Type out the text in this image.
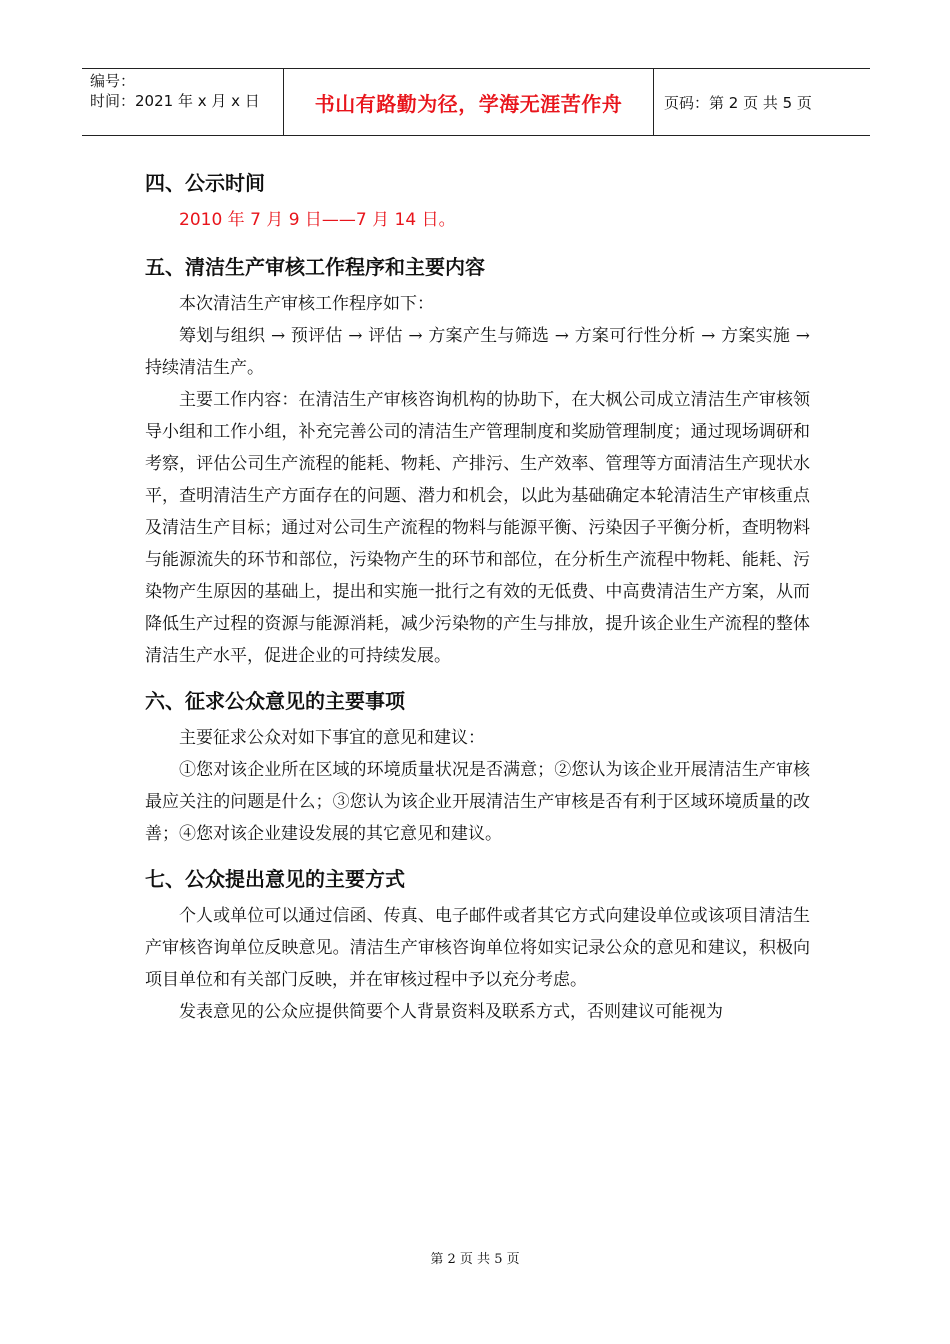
编号：
时间：2021 年 x 月 x 日	书山有路勤为径，学海无涯苦作舟	页码：第 2 页 共 5 页
四、公示时间

2010 年 7 月 9 日——7 月 14 日。

五、清洁生产审核工作程序和主要内容

本次清洁生产审核工作程序如下：

筹划与组织 → 预评估 → 评估 → 方案产生与筛选 → 方案可行性分析 → 方案实施 → 持续清洁生产。

主要工作内容：在清洁生产审核咨询机构的协助下，在大枫公司成立清洁生产审核领导小组和工作小组，补充完善公司的清洁生产管理制度和奖励管理制度；通过现场调研和考察，评估公司生产流程的能耗、物耗、产排污、生产效率、管理等方面清洁生产现状水平，查明清洁生产方面存在的问题、潜力和机会，以此为基础确定本轮清洁生产审核重点及清洁生产目标；通过对公司生产流程的物料与能源平衡、污染因子平衡分析，查明物料与能源流失的环节和部位，污染物产生的环节和部位，在分析生产流程中物耗、能耗、污染物产生原因的基础上，提出和实施一批行之有效的无低费、中高费清洁生产方案，从而降低生产过程的资源与能源消耗，减少污染物的产生与排放，提升该企业生产流程的整体清洁生产水平，促进企业的可持续发展。

六、征求公众意见的主要事项

主要征求公众对如下事宜的意见和建议：

①您对该企业所在区域的环境质量状况是否满意；②您认为该企业开展清洁生产审核最应关注的问题是什么；③您认为该企业开展清洁生产审核是否有利于区域环境质量的改善；④您对该企业建设发展的其它意见和建议。

七、公众提出意见的主要方式

个人或单位可以通过信函、传真、电子邮件或者其它方式向建设单位或该项目清洁生产审核咨询单位反映意见。清洁生产审核咨询单位将如实记录公众的意见和建议，积极向项目单位和有关部门反映，并在审核过程中予以充分考虑。

发表意见的公众应提供简要个人背景资料及联系方式，否则建议可能视为

第 2 页 共 5 页
